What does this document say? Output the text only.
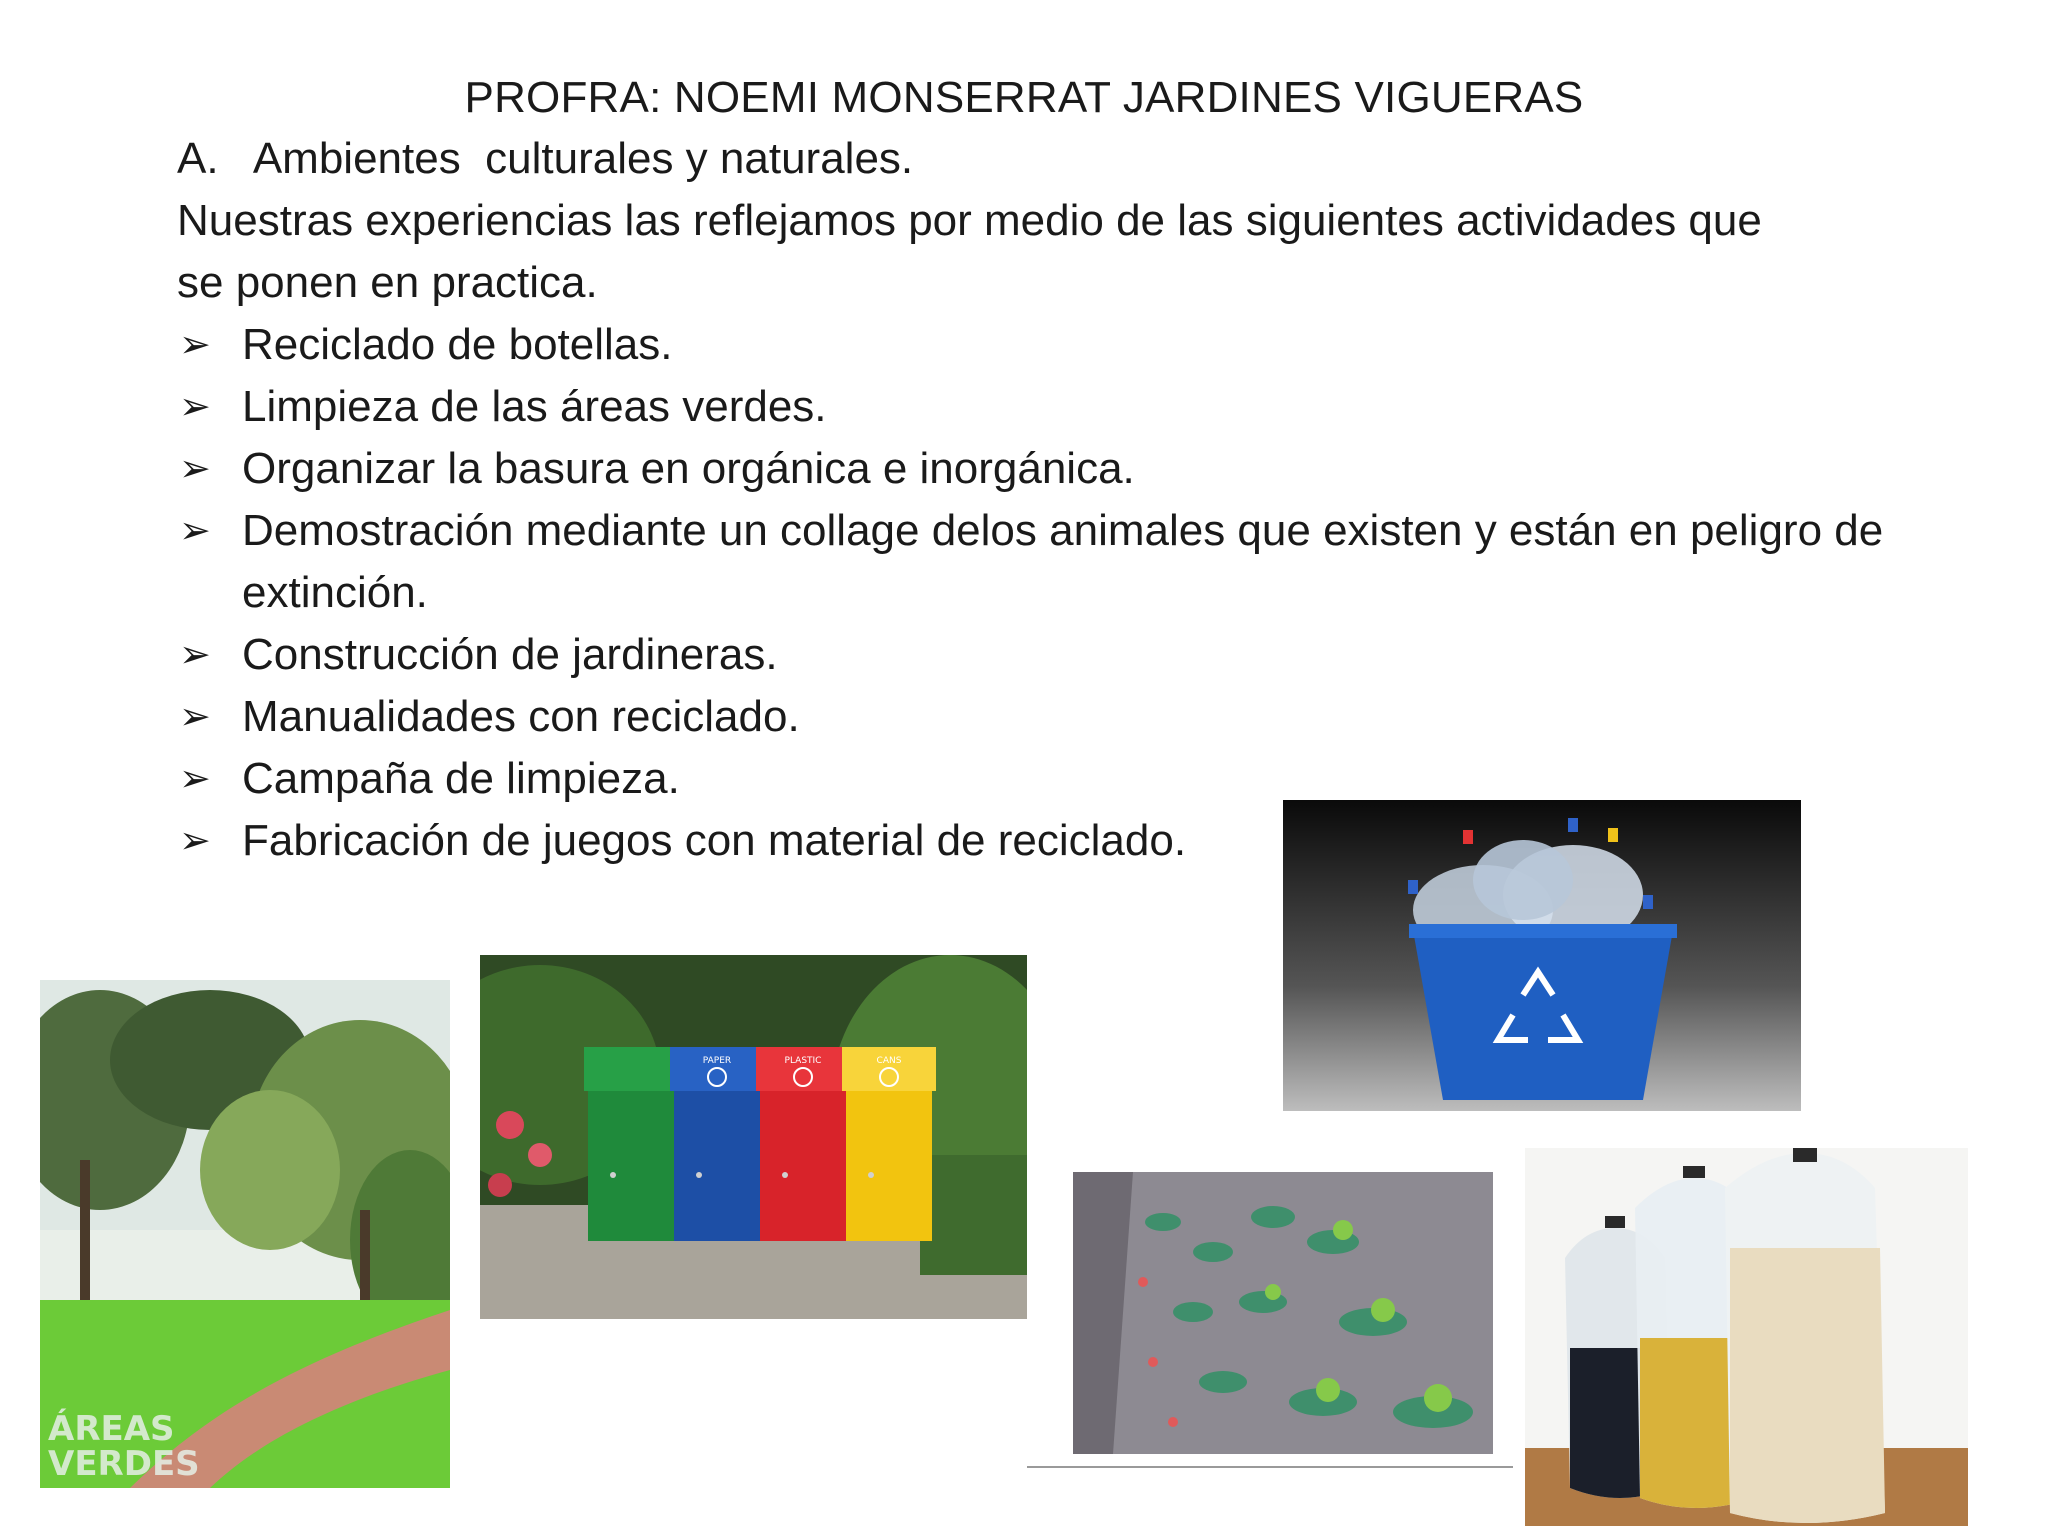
PROFRA: NOEMI MONSERRAT JARDINES VIGUERAS
A.   Ambientes  culturales y naturales.
Nuestras experiencias las reflejamos por medio de las siguientes actividades que
se ponen en practica.
➢ Reciclado de botellas.
➢ Limpieza de las áreas verdes.
➢ Organizar la basura en orgánica e inorgánica.
➢ Demostración mediante un collage delos animales que existen y están en peligro de extinción.
➢ Construcción de jardineras.
➢ Manualidades con reciclado.
➢ Campaña de limpieza.
➢ Fabricación de juegos con material de reciclado.
ÁREAS
VERDES
PAPER	PLASTIC	CANS
